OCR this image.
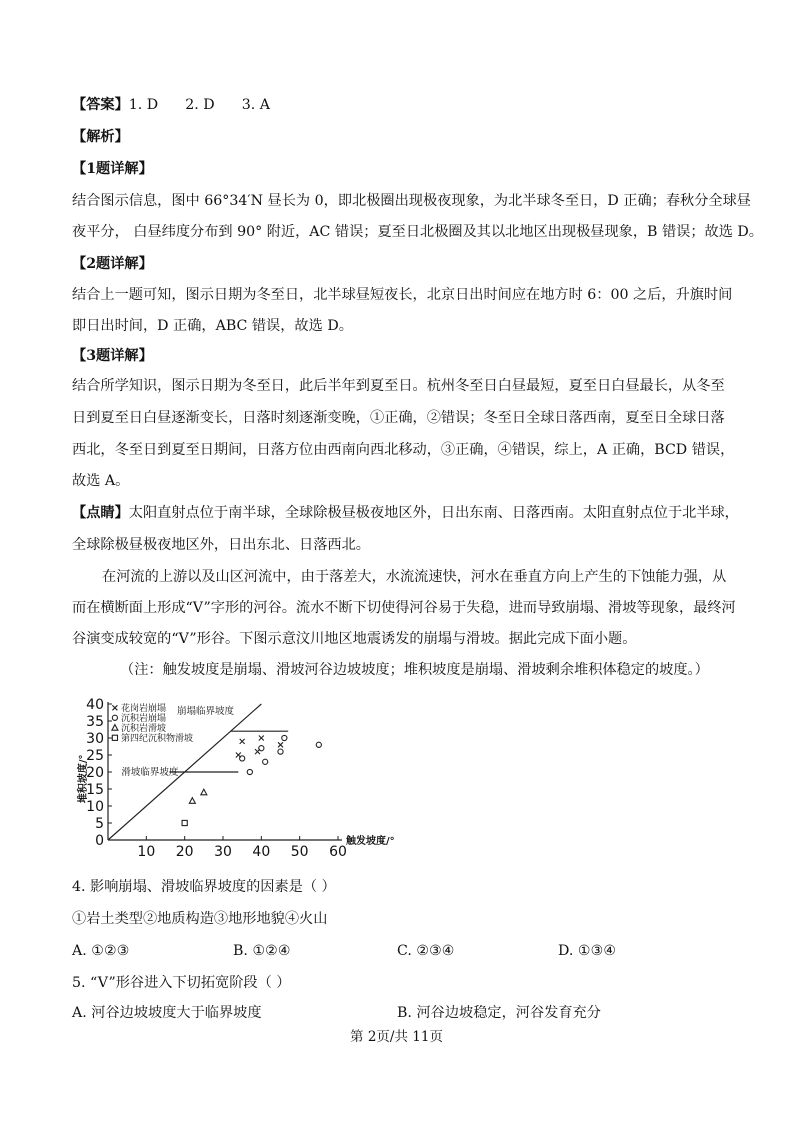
【答案】1. D      2. D      3. A
【解析】
【1题详解】
结合图示信息，图中 66°34′N 昼长为 0，即北极圈出现极夜现象，为北半球冬至日，D 正确；春秋分全球昼
夜平分， 白昼纬度分布到 90° 附近，AC 错误；夏至日北极圈及其以北地区出现极昼现象，B 错误；故选 D。
【2题详解】
结合上一题可知，图示日期为冬至日，北半球昼短夜长，北京日出时间应在地方时 6：00 之后，升旗时间
即日出时间，D 正确，ABC 错误，故选 D。
【3题详解】
结合所学知识，图示日期为冬至日，此后半年到夏至日。杭州冬至日白昼最短，夏至日白昼最长，从冬至
日到夏至日白昼逐渐变长，日落时刻逐渐变晚，①正确，②错误；冬至日全球日落西南，夏至日全球日落
西北，冬至日到夏至日期间，日落方位由西南向西北移动，③正确，④错误，综上，A 正确，BCD 错误，
故选 A。
【点睛】太阳直射点位于南半球，全球除极昼极夜地区外，日出东南、日落西南。太阳直射点位于北半球，
全球除极昼极夜地区外，日出东北、日落西北。
在河流的上游以及山区河流中，由于落差大，水流流速快，河水在垂直方向上产生的下蚀能力强，从
而在横断面上形成“V”字形的河谷。流水不断下切使得河谷易于失稳，进而导致崩塌、滑坡等现象，最终河
谷演变成较宽的“V”形谷。下图示意汶川地区地震诱发的崩塌与滑坡。据此完成下面小题。
（注：触发坡度是崩塌、滑坡河谷边坡坡度；堆积坡度是崩塌、滑坡剩余堆积体稳定的坡度。）
0
5
10
15
20
25
30
35
40
10 20 30 40 50 60
触发坡度/°
堆积坡度/°
崩塌临界坡度
滑坡临界坡度
花岗岩崩塌
沉积岩崩塌
沉积岩滑坡
第四纪沉积物滑坡
4. 影响崩塌、滑坡临界坡度的因素是（ ）
①岩土类型②地质构造③地形地貌④火山
A. ①②③	B. ①②④	C. ②③④	D. ①③④
5. “V”形谷进入下切拓宽阶段（ ）
A. 河谷边坡坡度大于临界坡度	B. 河谷边坡稳定，河谷发育充分
第 2页/共 11页
